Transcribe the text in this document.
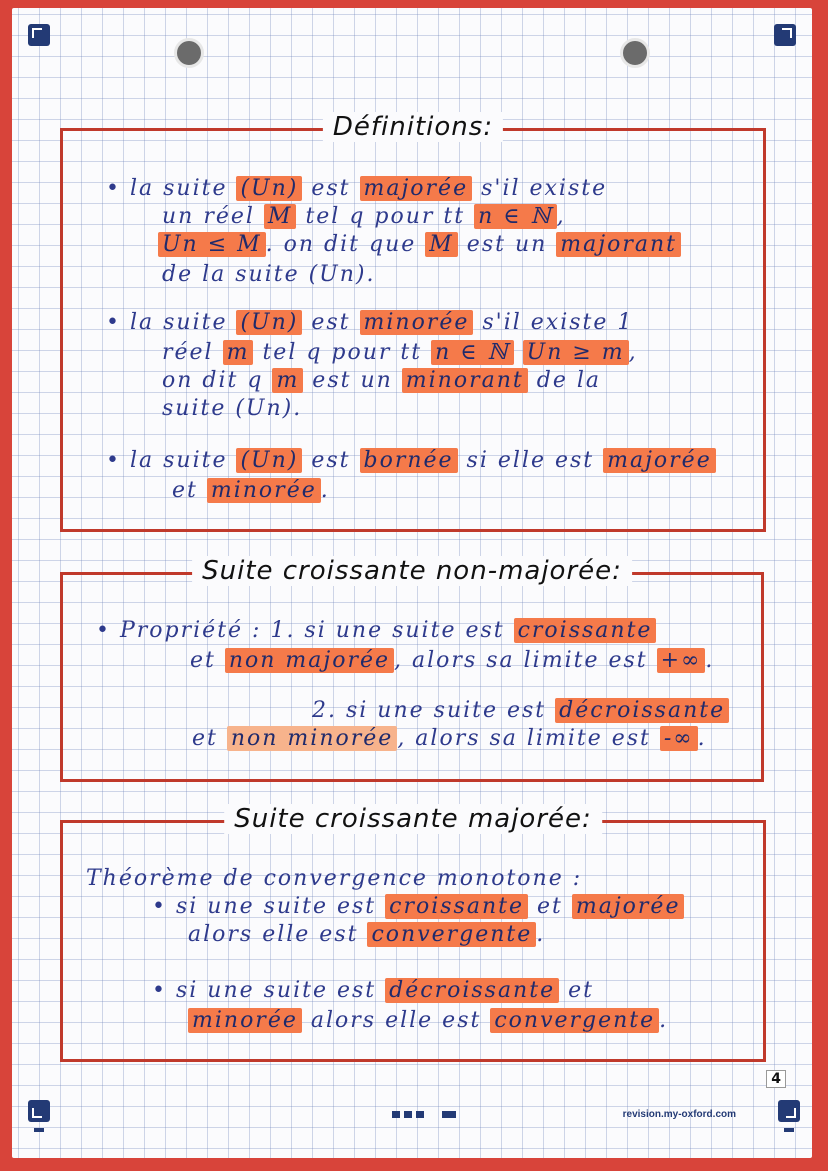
Définitions:
Suite croissante non-majorée:
Suite croissante majorée:
• la suite (Un) est majorée s'il existe
un réel M tel q pour tt n ∈ ℕ ,
Un ≤ M . on dit que M est un majorant
de la suite (Un).
• la suite (Un) est minorée s'il existe 1
réel m tel q pour tt n ∈ ℕ Un ≥ m ,
on dit q m est un minorant de la
suite (Un).
• la suite (Un) est bornée si elle est majorée
et minorée .
• Propriété : 1. si une suite est croissante
et non majorée , alors sa limite est +∞ .
2. si une suite est décroissante
et non minorée , alors sa limite est -∞ .
Théorème de convergence monotone :
• si une suite est croissante et majorée
alors elle est convergente .
• si une suite est décroissante et
minorée alors elle est convergente .
4
revision.my-oxford.com
